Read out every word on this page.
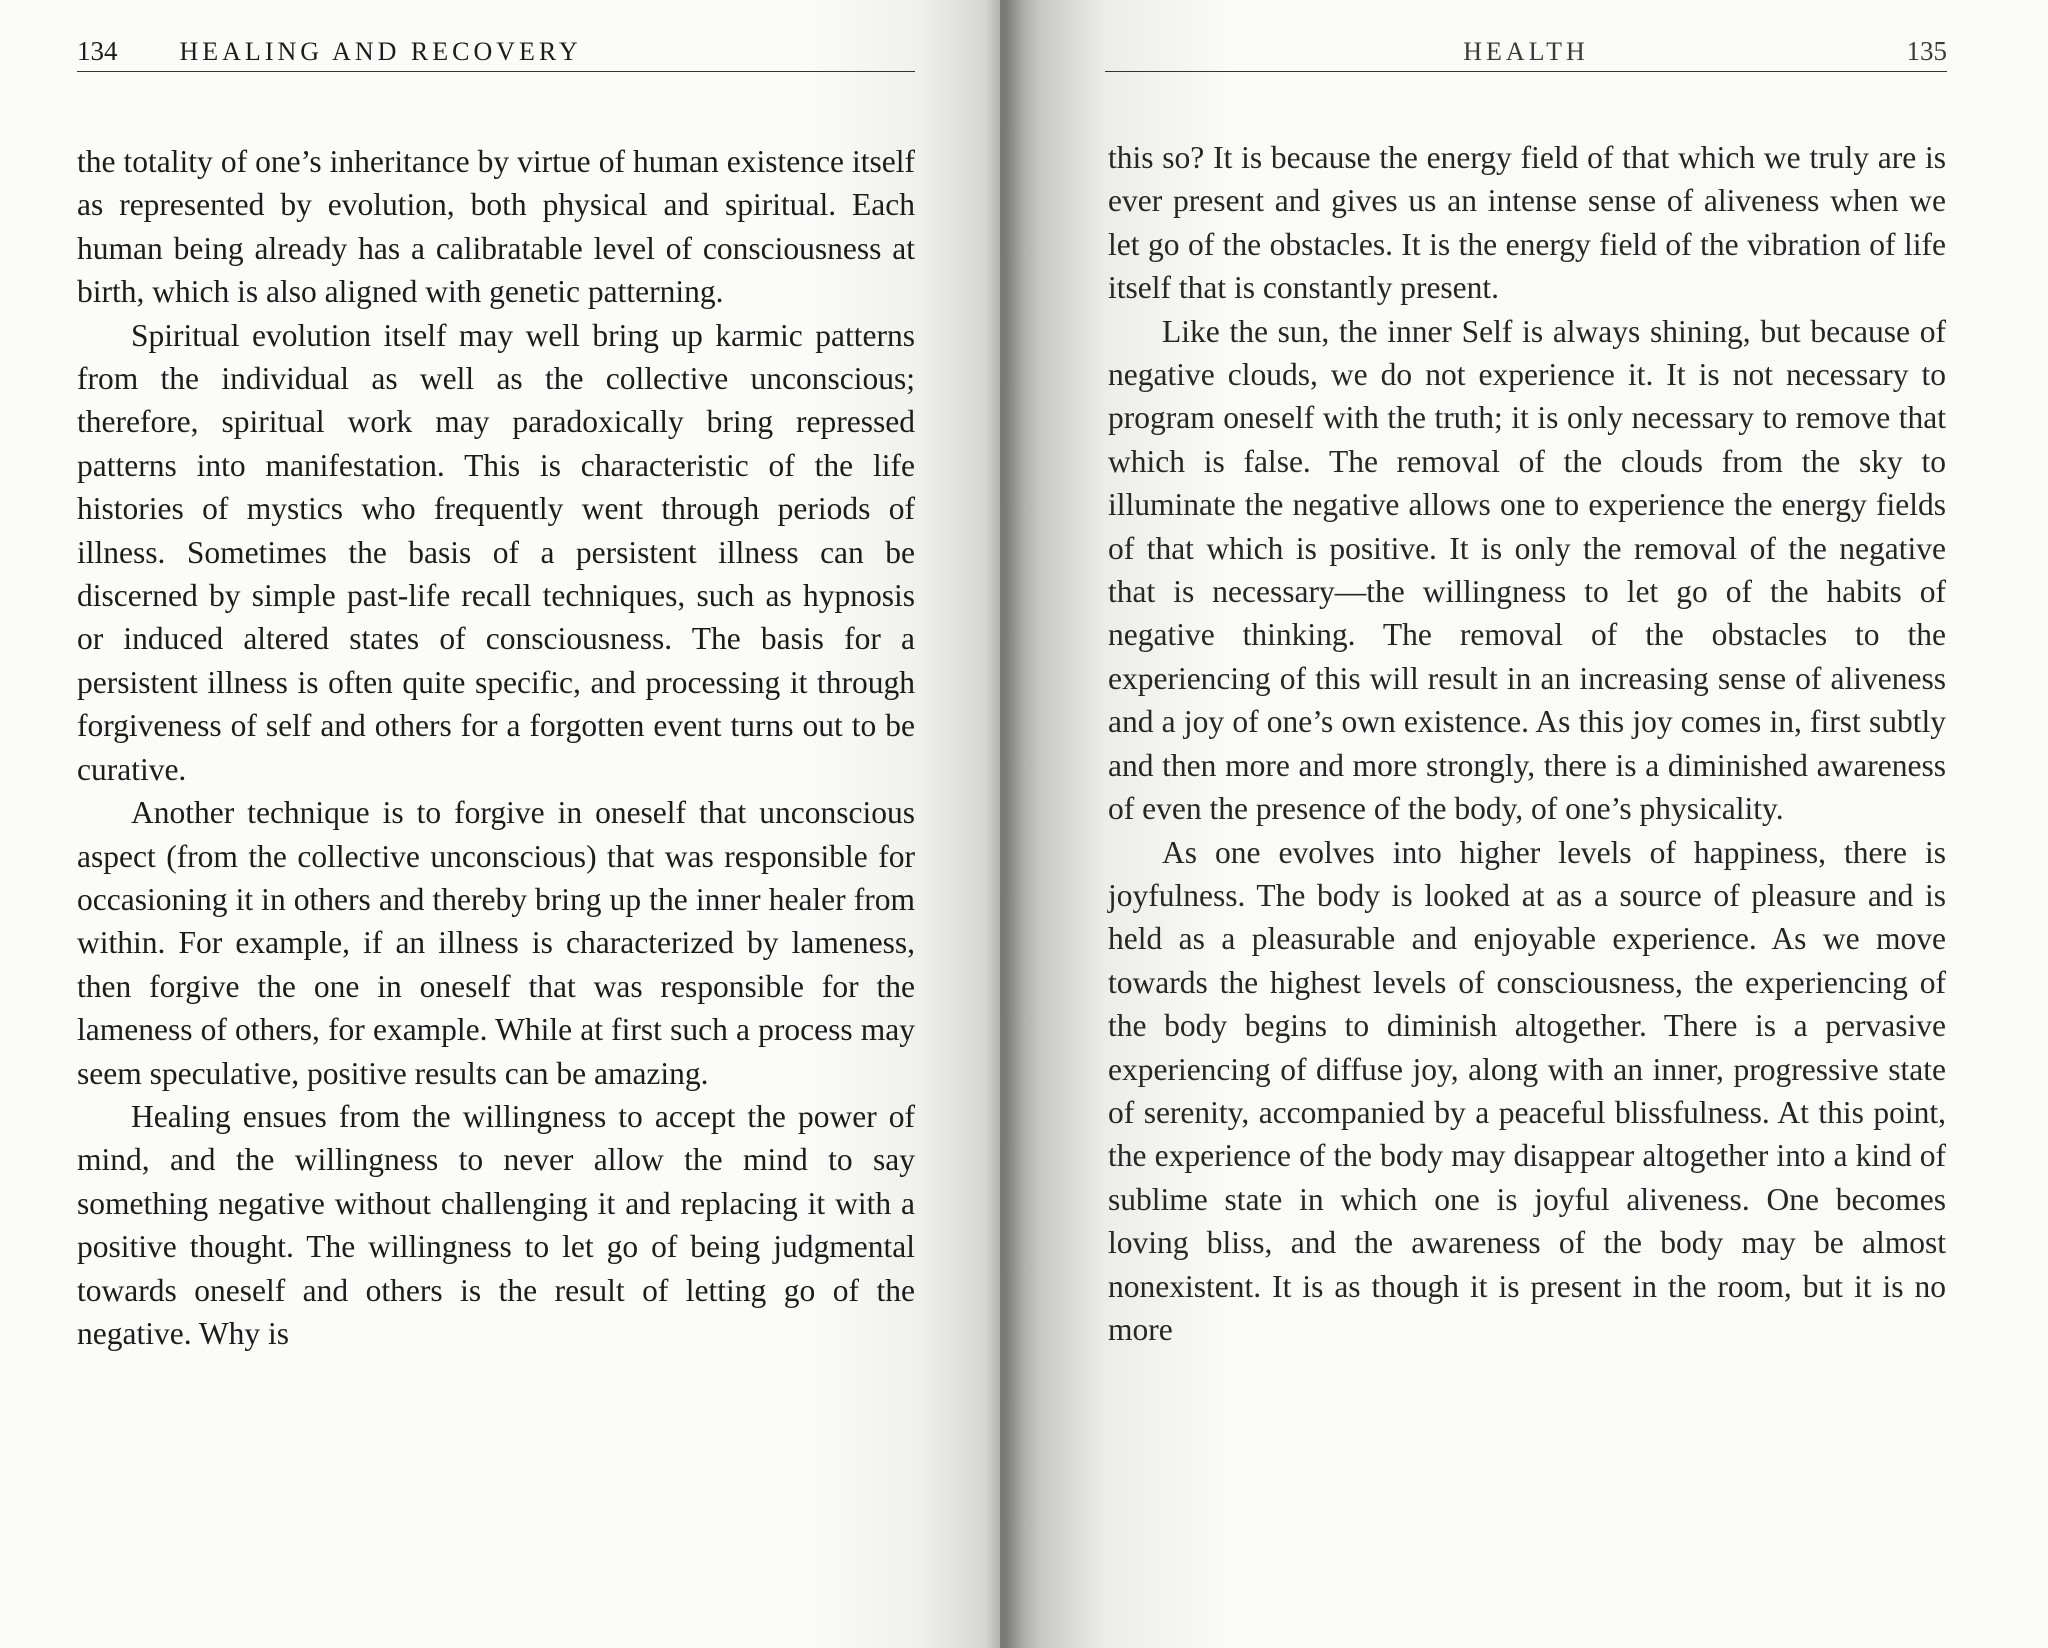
134 HEALING AND RECOVERY

the totality of one’s inheritance by virtue of human existence itself as represented by evolution, both physical and spiritual. Each human being already has a calibratable level of consciousness at birth, which is also aligned with genetic patterning.

Spiritual evolution itself may well bring up karmic patterns from the individual as well as the collective unconscious; therefore, spiritual work may paradoxically bring repressed patterns into manifestation. This is characteristic of the life histories of mystics who frequently went through periods of illness. Sometimes the basis of a persistent illness can be discerned by simple past-life recall techniques, such as hypnosis or induced altered states of consciousness. The basis for a persistent illness is often quite specific, and processing it through forgiveness of self and others for a forgotten event turns out to be curative.

Another technique is to forgive in oneself that unconscious aspect (from the collective unconscious) that was responsible for occasioning it in others and thereby bring up the inner healer from within. For example, if an illness is characterized by lameness, then forgive the one in oneself that was responsible for the lameness of others, for example. While at first such a process may seem speculative, positive results can be amazing.

Healing ensues from the willingness to accept the power of mind, and the willingness to never allow the mind to say something negative without challenging it and replacing it with a positive thought. The willingness to let go of being judgmental towards oneself and others is the result of letting go of the negative. Why is

HEALTH	135

this so? It is because the energy field of that which we truly are is ever present and gives us an intense sense of aliveness when we let go of the obstacles. It is the energy field of the vibration of life itself that is constantly present.

Like the sun, the inner Self is always shining, but because of negative clouds, we do not experience it. It is not necessary to program oneself with the truth; it is only necessary to remove that which is false. The removal of the clouds from the sky to illuminate the negative allows one to experience the energy fields of that which is positive. It is only the removal of the negative that is necessary—the willingness to let go of the habits of negative thinking. The removal of the obstacles to the experiencing of this will result in an increasing sense of aliveness and a joy of one’s own existence. As this joy comes in, first subtly and then more and more strongly, there is a diminished awareness of even the presence of the body, of one’s physicality.

As one evolves into higher levels of happiness, there is joyfulness. The body is looked at as a source of pleasure and is held as a pleasurable and enjoyable experience. As we move towards the highest levels of consciousness, the experiencing of the body begins to diminish altogether. There is a pervasive experiencing of diffuse joy, along with an inner, progressive state of serenity, accompanied by a peaceful blissfulness. At this point, the experience of the body may disappear altogether into a kind of sublime state in which one is joyful aliveness. One becomes loving bliss, and the awareness of the body may be almost nonexistent. It is as though it is present in the room, but it is no more
